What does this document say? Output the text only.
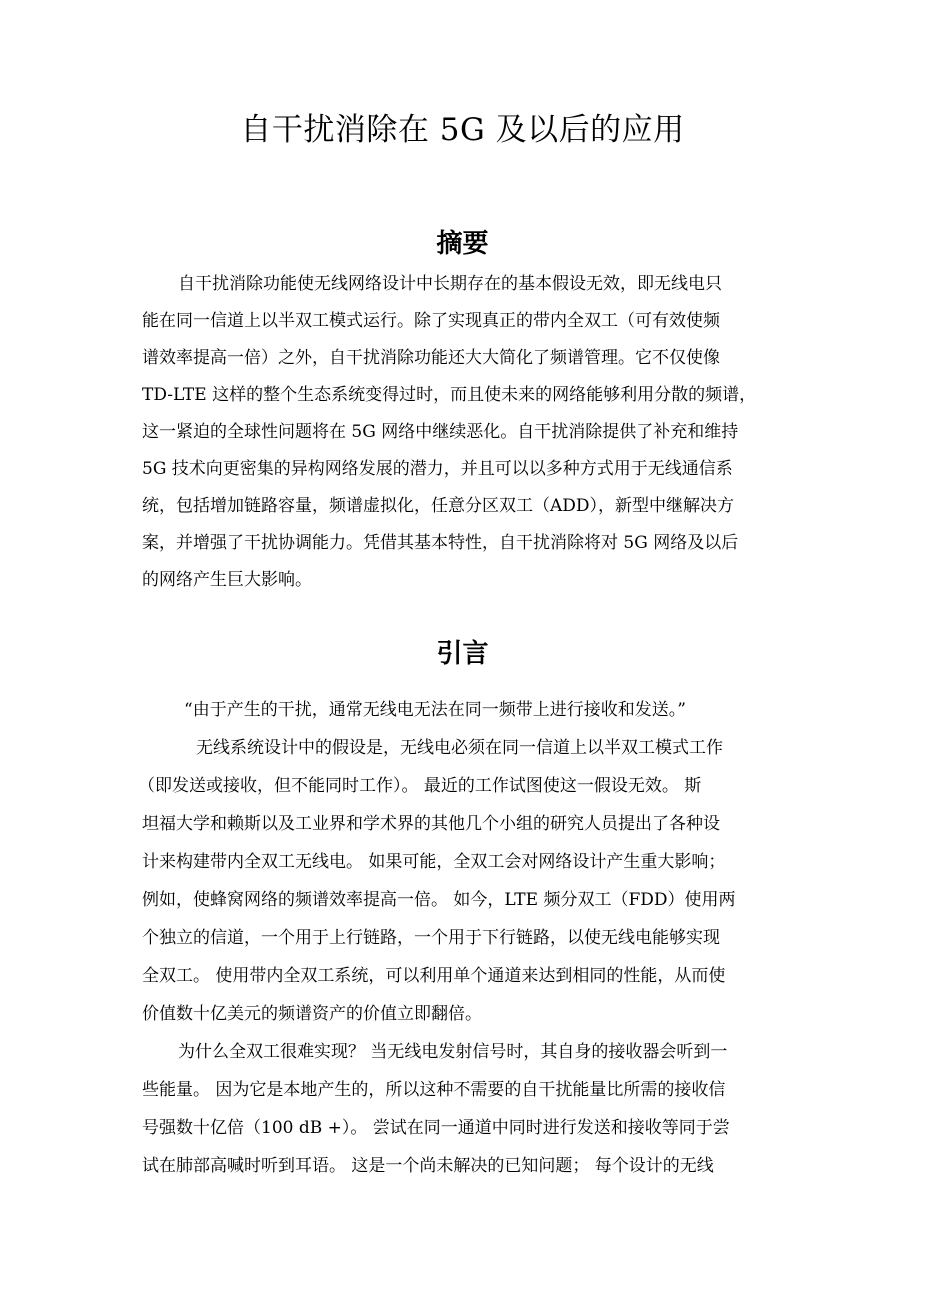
自干扰消除在 5G 及以后的应用
摘要
自干扰消除功能使无线网络设计中长期存在的基本假设无效，即无线电只
能在同一信道上以半双工模式运行。除了实现真正的带内全双工（可有效使频
谱效率提高一倍）之外，自干扰消除功能还大大简化了频谱管理。它不仅使像
TD-LTE 这样的整个生态系统变得过时，而且使未来的网络能够利用分散的频谱，
这一紧迫的全球性问题将在 5G 网络中继续恶化。自干扰消除提供了补充和维持
5G 技术向更密集的异构网络发展的潜力，并且可以以多种方式用于无线通信系
统，包括增加链路容量，频谱虚拟化，任意分区双工（ADD），新型中继解决方
案，并增强了干扰协调能力。凭借其基本特性，自干扰消除将对 5G 网络及以后
的网络产生巨大影响。
引言
“由于产生的干扰，通常无线电无法在同一频带上进行接收和发送。”
无线系统设计中的假设是，无线电必须在同一信道上以半双工模式工作
（即发送或接收，但不能同时工作）。 最近的工作试图使这一假设无效。 斯
坦福大学和赖斯以及工业界和学术界的其他几个小组的研究人员提出了各种设
计来构建带内全双工无线电。 如果可能，全双工会对网络设计产生重大影响；
例如，使蜂窝网络的频谱效率提高一倍。 如今，LTE 频分双工（FDD）使用两
个独立的信道，一个用于上行链路，一个用于下行链路，以使无线电能够实现
全双工。 使用带内全双工系统，可以利用单个通道来达到相同的性能，从而使
价值数十亿美元的频谱资产的价值立即翻倍。
为什么全双工很难实现？ 当无线电发射信号时，其自身的接收器会听到一
些能量。 因为它是本地产生的，所以这种不需要的自干扰能量比所需的接收信
号强数十亿倍（100 dB +）。 尝试在同一通道中同时进行发送和接收等同于尝
试在肺部高喊时听到耳语。 这是一个尚未解决的已知问题； 每个设计的无线
